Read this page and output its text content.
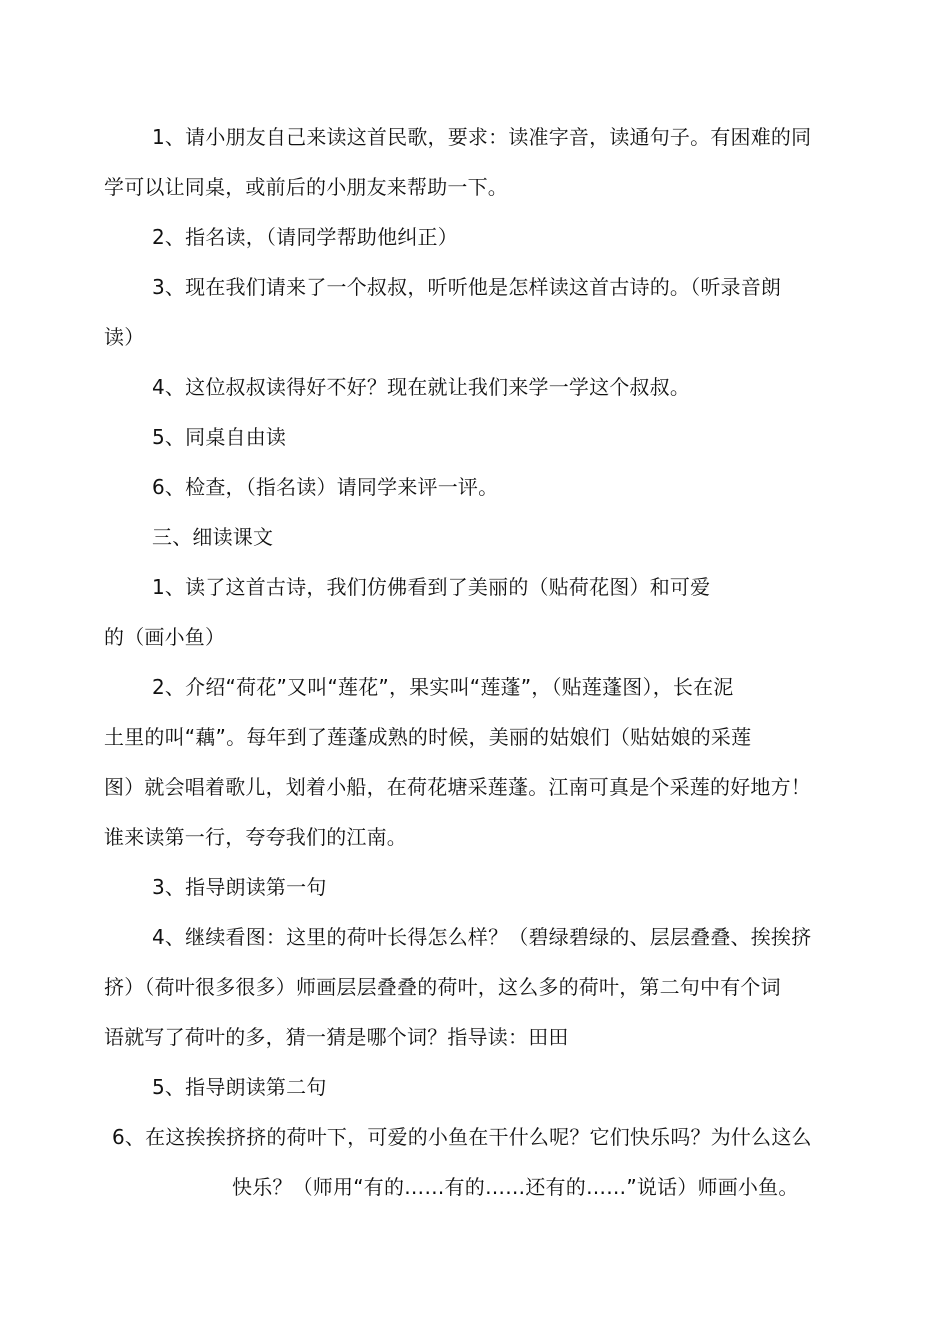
1、请小朋友自己来读这首民歌，要求：读准字音，读通句子。有困难的同
学可以让同桌，或前后的小朋友来帮助一下。
2、指名读，（请同学帮助他纠正）
3、现在我们请来了一个叔叔，听听他是怎样读这首古诗的。（听录音朗
读）
4、这位叔叔读得好不好？现在就让我们来学一学这个叔叔。
5、同桌自由读
6、检查，（指名读）请同学来评一评。
三、细读课文
1、读了这首古诗，我们仿佛看到了美丽的（贴荷花图）和可爱
的（画小鱼）
2、介绍“荷花”又叫“莲花”，果实叫“莲蓬”，（贴莲蓬图），长在泥
土里的叫“藕”。每年到了莲蓬成熟的时候，美丽的姑娘们（贴姑娘的采莲
图）就会唱着歌儿，划着小船，在荷花塘采莲蓬。江南可真是个采莲的好地方！
谁来读第一行，夸夸我们的江南。
3、指导朗读第一句
4、继续看图：这里的荷叶长得怎么样？（碧绿碧绿的、层层叠叠、挨挨挤
挤）（荷叶很多很多）师画层层叠叠的荷叶，这么多的荷叶，第二句中有个词
语就写了荷叶的多，猜一猜是哪个词？指导读：田田
5、指导朗读第二句
6、在这挨挨挤挤的荷叶下，可爱的小鱼在干什么呢？它们快乐吗？为什么这么
快乐？（师用“有的……有的……还有的……”说话）师画小鱼。
